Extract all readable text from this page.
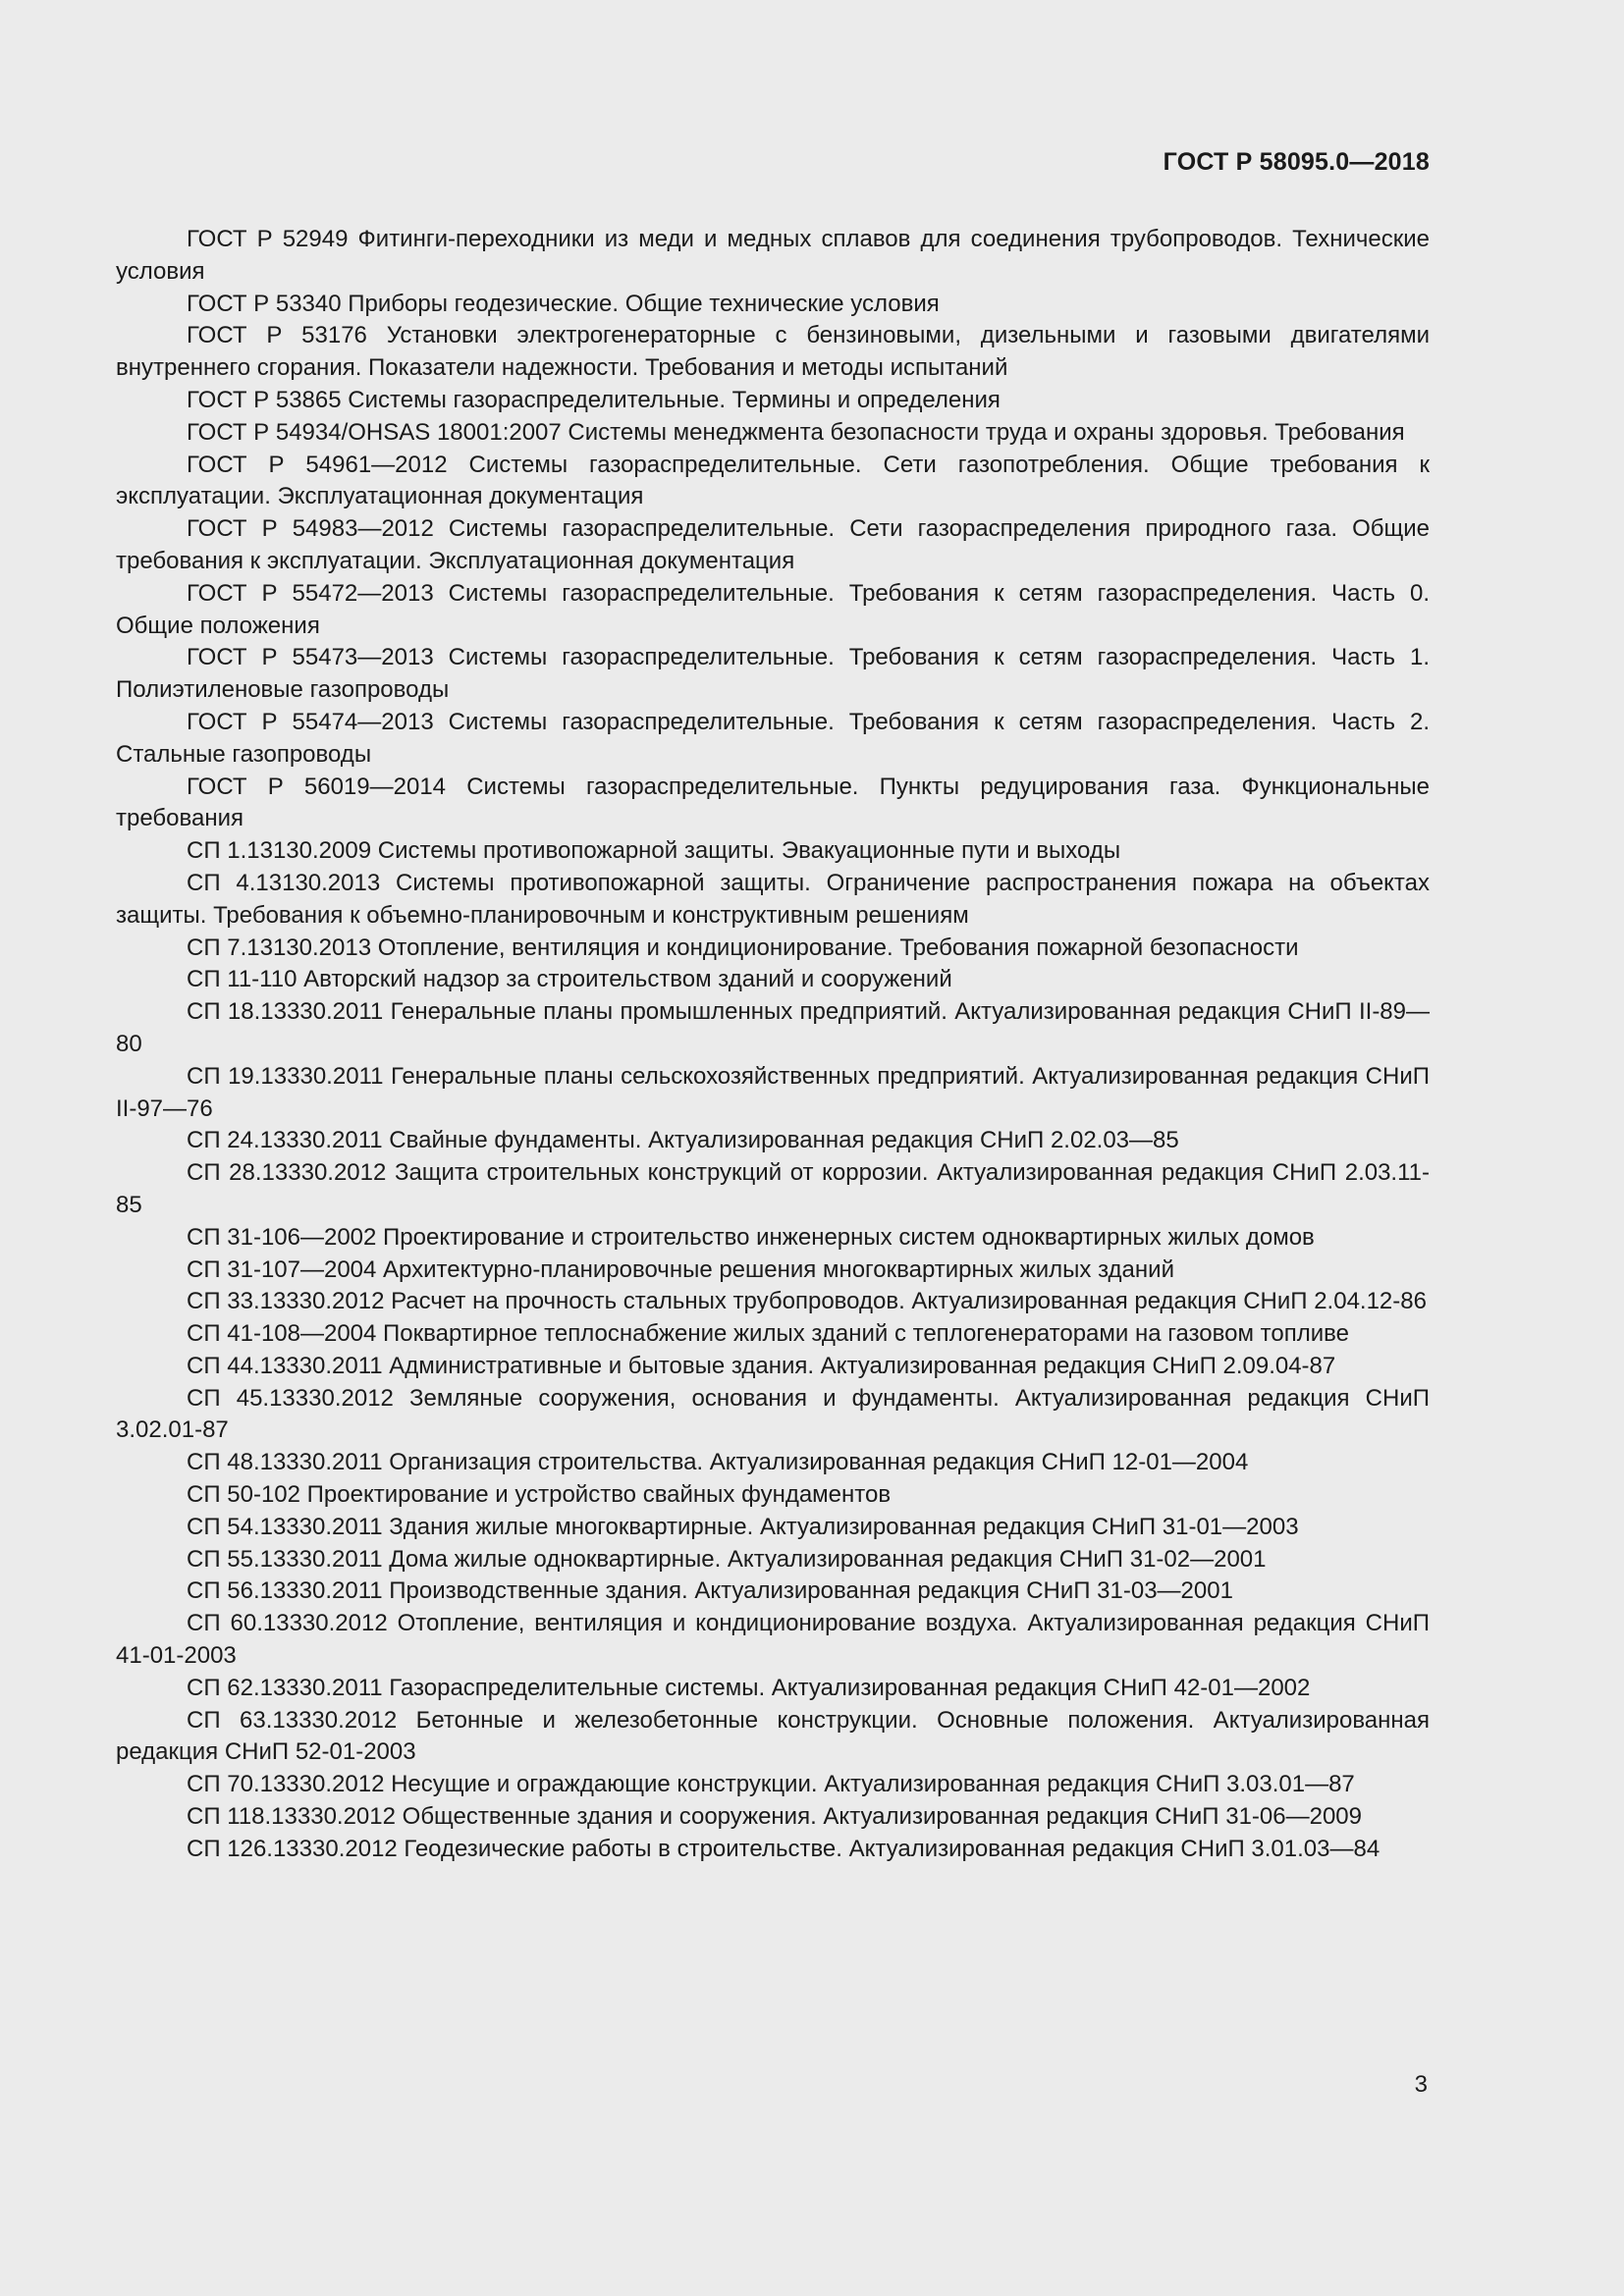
ГОСТ Р 58095.0—2018
ГОСТ Р 52949 Фитинги-переходники из меди и медных сплавов для соединения трубопроводов. Технические условия
ГОСТ Р 53340 Приборы геодезические. Общие технические условия
ГОСТ Р 53176 Установки электрогенераторные с бензиновыми, дизельными и газовыми двигателями внутреннего сгорания. Показатели надежности. Требования и методы испытаний
ГОСТ Р 53865 Системы газораспределительные. Термины и определения
ГОСТ Р 54934/OHSAS 18001:2007 Системы менеджмента безопасности труда и охраны здоровья. Требования
ГОСТ Р 54961—2012 Системы газораспределительные. Сети газопотребления. Общие требования к эксплуатации. Эксплуатационная документация
ГОСТ Р 54983—2012 Системы газораспределительные. Сети газораспределения природного газа. Общие требования к эксплуатации. Эксплуатационная документация
ГОСТ Р 55472—2013 Системы газораспределительные. Требования к сетям газораспределения. Часть 0. Общие положения
ГОСТ Р 55473—2013 Системы газораспределительные. Требования к сетям газораспределения. Часть 1. Полиэтиленовые газопроводы
ГОСТ Р 55474—2013 Системы газораспределительные. Требования к сетям газораспределения. Часть 2. Стальные газопроводы
ГОСТ Р 56019—2014 Системы газораспределительные. Пункты редуцирования газа. Функциональные требования
СП 1.13130.2009 Системы противопожарной защиты. Эвакуационные пути и выходы
СП 4.13130.2013 Системы противопожарной защиты. Ограничение распространения пожара на объектах защиты. Требования к объемно-планировочным и конструктивным решениям
СП 7.13130.2013 Отопление, вентиляция и кондиционирование. Требования пожарной безопасности
СП 11-110 Авторский надзор за строительством зданий и сооружений
СП 18.13330.2011 Генеральные планы промышленных предприятий. Актуализированная редакция СНиП II-89—80
СП 19.13330.2011 Генеральные планы сельскохозяйственных предприятий. Актуализированная редакция СНиП II-97—76
СП 24.13330.2011 Свайные фундаменты. Актуализированная редакция СНиП 2.02.03—85
СП 28.13330.2012 Защита строительных конструкций от коррозии. Актуализированная редакция СНиП 2.03.11-85
СП 31-106—2002 Проектирование и строительство инженерных систем одноквартирных жилых домов
СП 31-107—2004 Архитектурно-планировочные решения многоквартирных жилых зданий
СП 33.13330.2012 Расчет на прочность стальных трубопроводов. Актуализированная редакция СНиП 2.04.12-86
СП 41-108—2004 Поквартирное теплоснабжение жилых зданий с теплогенераторами на газовом топливе
СП 44.13330.2011 Административные и бытовые здания. Актуализированная редакция СНиП 2.09.04-87
СП 45.13330.2012 Земляные сооружения, основания и фундаменты. Актуализированная редакция СНиП 3.02.01-87
СП 48.13330.2011 Организация строительства. Актуализированная редакция СНиП 12-01—2004
СП 50-102 Проектирование и устройство свайных фундаментов
СП 54.13330.2011 Здания жилые многоквартирные. Актуализированная редакция СНиП 31-01—2003
СП 55.13330.2011 Дома жилые одноквартирные. Актуализированная редакция СНиП 31-02—2001
СП 56.13330.2011 Производственные здания. Актуализированная редакция СНиП 31-03—2001
СП 60.13330.2012 Отопление, вентиляция и кондиционирование воздуха. Актуализированная редакция СНиП 41-01-2003
СП 62.13330.2011 Газораспределительные системы. Актуализированная редакция СНиП 42-01—2002
СП 63.13330.2012 Бетонные и железобетонные конструкции. Основные положения. Актуализированная редакция СНиП 52-01-2003
СП 70.13330.2012 Несущие и ограждающие конструкции. Актуализированная редакция СНиП 3.03.01—87
СП 118.13330.2012 Общественные здания и сооружения. Актуализированная редакция СНиП 31-06—2009
СП 126.13330.2012 Геодезические работы в строительстве. Актуализированная редакция СНиП 3.01.03—84
3
